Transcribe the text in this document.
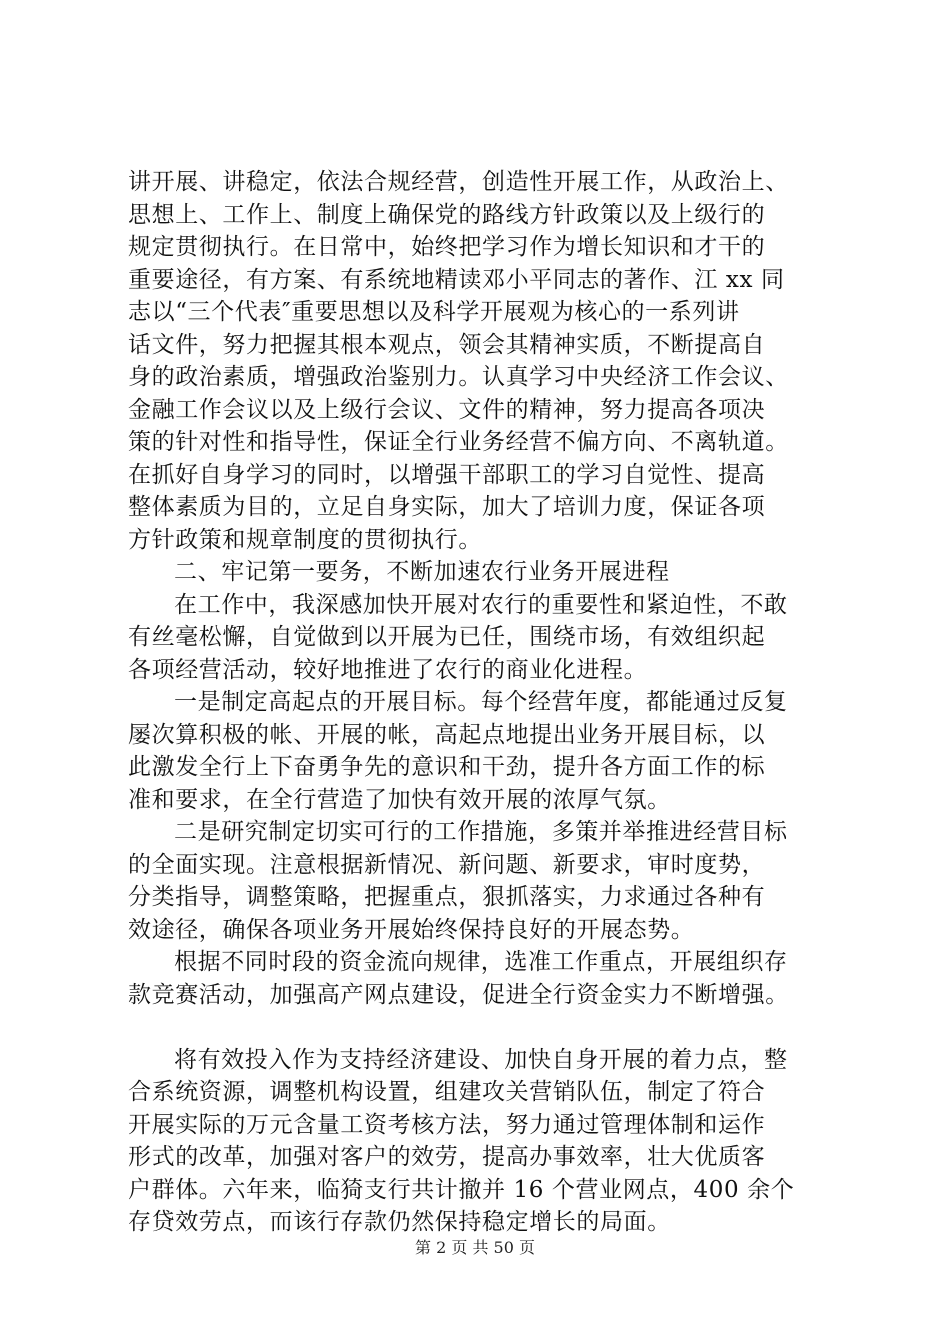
讲开展、讲稳定，依法合规经营，创造性开展工作，从政治上、
思想上、工作上、制度上确保党的路线方针政策以及上级行的
规定贯彻执行。在日常中，始终把学习作为增长知识和才干的
重要途径，有方案、有系统地精读邓小平同志的著作、江 xx 同
志以“三个代表″重要思想以及科学开展观为核心的一系列讲
话文件，努力把握其根本观点，领会其精神实质，不断提高自
身的政治素质，增强政治鉴别力。认真学习中央经济工作会议、
金融工作会议以及上级行会议、文件的精神，努力提高各项决
策的针对性和指导性，保证全行业务经营不偏方向、不离轨道。
在抓好自身学习的同时，以增强干部职工的学习自觉性、提高
整体素质为目的，立足自身实际，加大了培训力度，保证各项
方针政策和规章制度的贯彻执行。
二、牢记第一要务，不断加速农行业务开展进程
在工作中，我深感加快开展对农行的重要性和紧迫性，不敢
有丝毫松懈，自觉做到以开展为已任，围绕市场，有效组织起
各项经营活动，较好地推进了农行的商业化进程。
一是制定高起点的开展目标。每个经营年度，都能通过反复
屡次算积极的帐、开展的帐，高起点地提出业务开展目标，以
此激发全行上下奋勇争先的意识和干劲，提升各方面工作的标
准和要求，在全行营造了加快有效开展的浓厚气氛。
二是研究制定切实可行的工作措施，多策并举推进经营目标
的全面实现。注意根据新情况、新问题、新要求，审时度势，
分类指导，调整策略，把握重点，狠抓落实，力求通过各种有
效途径，确保各项业务开展始终保持良好的开展态势。
根据不同时段的资金流向规律，选准工作重点，开展组织存
款竞赛活动，加强高产网点建设，促进全行资金实力不断增强。
将有效投入作为支持经济建设、加快自身开展的着力点，整
合系统资源，调整机构设置，组建攻关营销队伍，制定了符合
开展实际的万元含量工资考核方法，努力通过管理体制和运作
形式的改革，加强对客户的效劳，提高办事效率，壮大优质客
户群体。六年来，临猗支行共计撤并 16 个营业网点，400 余个
存贷效劳点，而该行存款仍然保持稳定增长的局面。
第 2 页 共 50 页
